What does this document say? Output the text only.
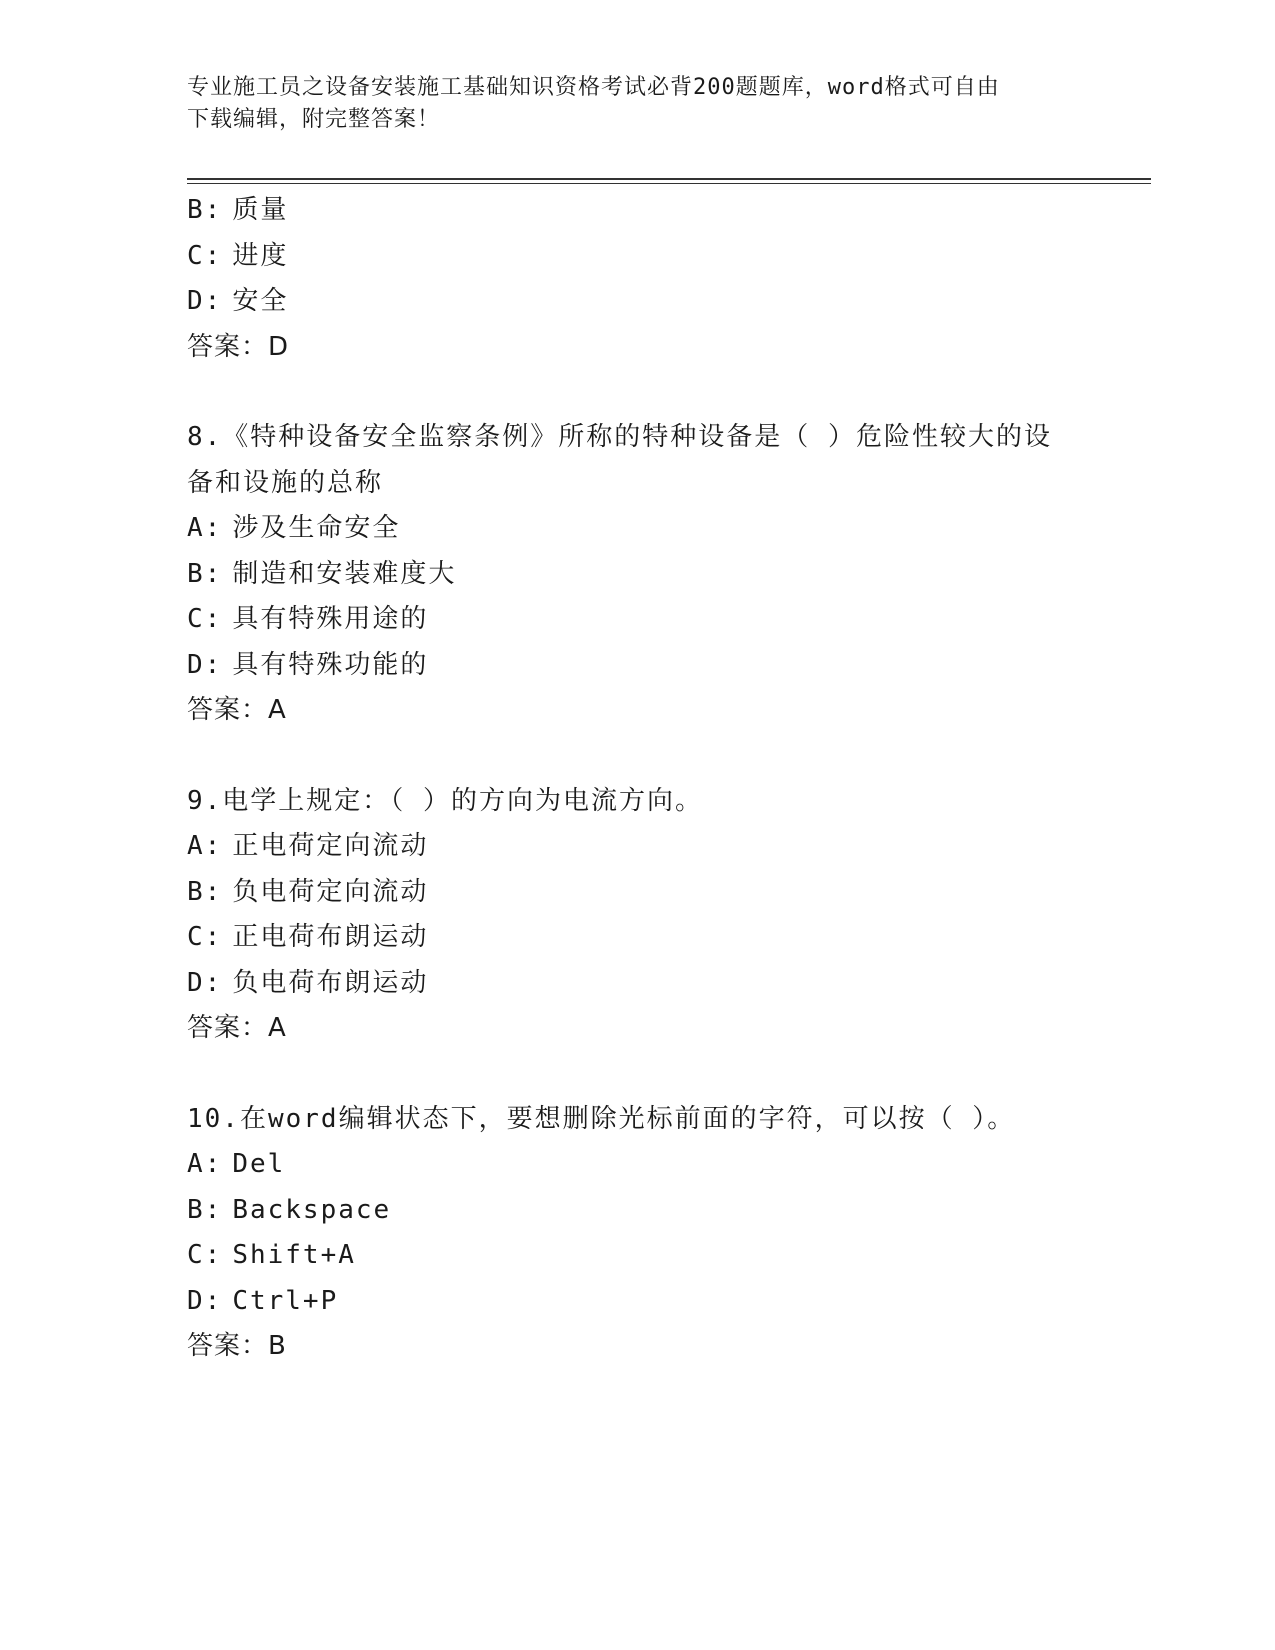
专业施工员之设备安装施工基础知识资格考试必背200题题库，word格式可自由
下载编辑，附完整答案！
B: 质量
C: 进度
D: 安全
答案：D
8.《特种设备安全监察条例》所称的特种设备是（ ）危险性较大的设
备和设施的总称
A: 涉及生命安全
B: 制造和安装难度大
C: 具有特殊用途的
D: 具有特殊功能的
答案：A
9.电学上规定：（ ）的方向为电流方向。
A: 正电荷定向流动
B: 负电荷定向流动
C: 正电荷布朗运动
D: 负电荷布朗运动
答案：A
10.在word编辑状态下，要想删除光标前面的字符，可以按（ ）。
A: Del
B: Backspace
C: Shift+A
D: Ctrl+P
答案：B
